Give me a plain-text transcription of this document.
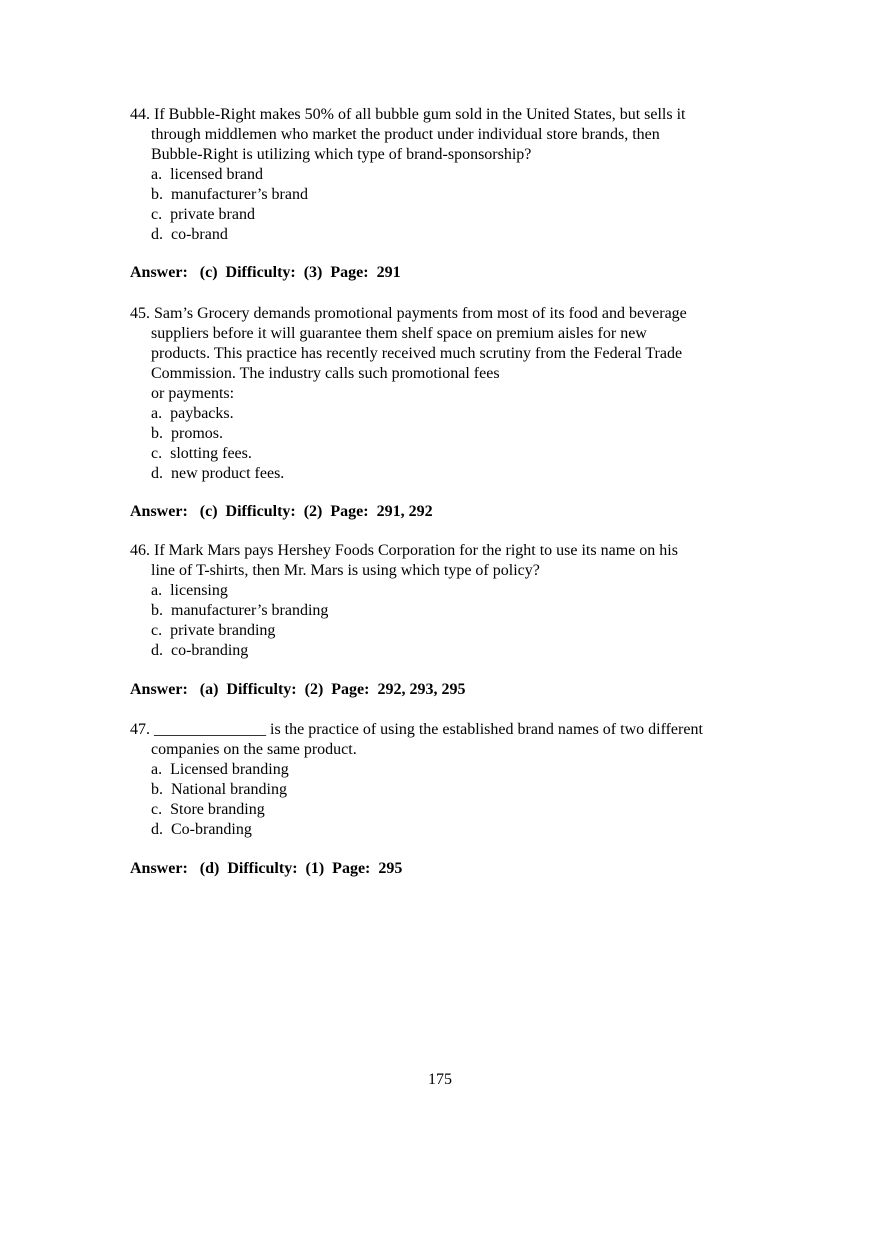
44. If Bubble-Right makes 50% of all bubble gum sold in the United States, but sells it
through middlemen who market the product under individual store brands, then
Bubble-Right is utilizing which type of brand-sponsorship?
a.  licensed brand
b.  manufacturer’s brand
c.  private brand
d.  co-brand
Answer:   (c)  Difficulty:  (3)  Page:  291
45. Sam’s Grocery demands promotional payments from most of its food and beverage
suppliers before it will guarantee them shelf space on premium aisles for new
products. This practice has recently received much scrutiny from the Federal Trade
Commission. The industry calls such promotional fees
or payments:
a.  paybacks.
b.  promos.
c.  slotting fees.
d.  new product fees.
Answer:   (c)  Difficulty:  (2)  Page:  291, 292
46. If Mark Mars pays Hershey Foods Corporation for the right to use its name on his
line of T-shirts, then Mr. Mars is using which type of policy?
a.  licensing
b.  manufacturer’s branding
c.  private branding
d.  co-branding
Answer:   (a)  Difficulty:  (2)  Page:  292, 293, 295
47. ______________ is the practice of using the established brand names of two different
companies on the same product.
a.  Licensed branding
b.  National branding
c.  Store branding
d.  Co-branding
Answer:   (d)  Difficulty:  (1)  Page:  295
175
